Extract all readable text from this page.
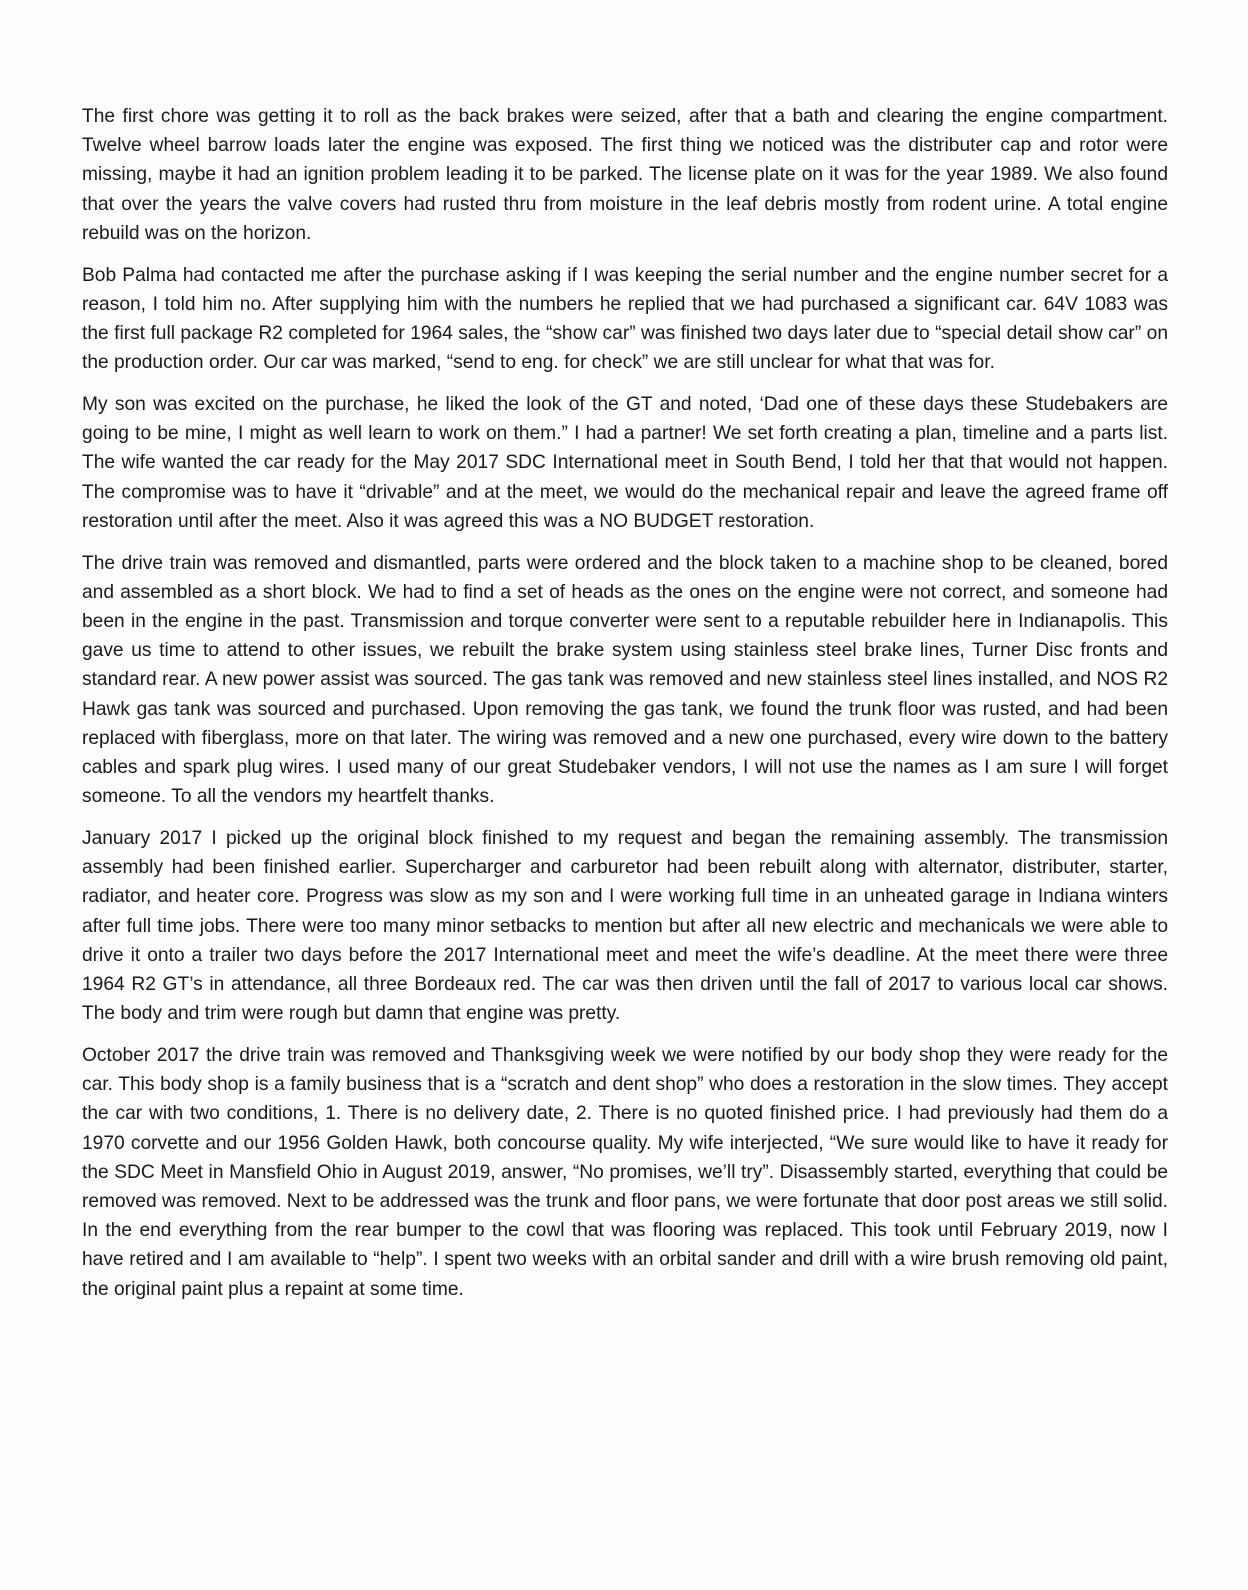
The first chore was getting it to roll as the back brakes were seized, after that a bath and clearing the engine compartment. Twelve wheel barrow loads later the engine was exposed. The first thing we noticed was the distributer cap and rotor were missing, maybe it had an ignition problem leading it to be parked. The license plate on it was for the year 1989. We also found that over the years the valve covers had rusted thru from moisture in the leaf debris mostly from rodent urine. A total engine rebuild was on the horizon.

Bob Palma had contacted me after the purchase asking if I was keeping the serial number and the engine number secret for a reason, I told him no. After supplying him with the numbers he replied that we had purchased a significant car. 64V 1083 was the first full package R2 completed for 1964 sales, the “show car” was finished two days later due to “special detail show car” on the production order. Our car was marked, “send to eng. for check” we are still unclear for what that was for.

My son was excited on the purchase, he liked the look of the GT and noted, ‘Dad one of these days these Studebakers are going to be mine, I might as well learn to work on them.” I had a partner! We set forth creating a plan, timeline and a parts list. The wife wanted the car ready for the May 2017 SDC International meet in South Bend, I told her that that would not happen. The compromise was to have it “drivable” and at the meet, we would do the mechanical repair and leave the agreed frame off restoration until after the meet. Also it was agreed this was a NO BUDGET restoration.

The drive train was removed and dismantled, parts were ordered and the block taken to a machine shop to be cleaned, bored and assembled as a short block. We had to find a set of heads as the ones on the engine were not correct, and someone had been in the engine in the past. Transmission and torque converter were sent to a reputable rebuilder here in Indianapolis. This gave us time to attend to other issues, we rebuilt the brake system using stainless steel brake lines, Turner Disc fronts and standard rear. A new power assist was sourced. The gas tank was removed and new stainless steel lines installed, and NOS R2 Hawk gas tank was sourced and purchased. Upon removing the gas tank, we found the trunk floor was rusted, and had been replaced with fiberglass, more on that later. The wiring was removed and a new one purchased, every wire down to the battery cables and spark plug wires. I used many of our great Studebaker vendors, I will not use the names as I am sure I will forget someone. To all the vendors my heartfelt thanks.

January 2017 I picked up the original block finished to my request and began the remaining assembly. The transmission assembly had been finished earlier. Supercharger and carburetor had been rebuilt along with alternator, distributer, starter, radiator, and heater core. Progress was slow as my son and I were working full time in an unheated garage in Indiana winters after full time jobs. There were too many minor setbacks to mention but after all new electric and mechanicals we were able to drive it onto a trailer two days before the 2017 International meet and meet the wife’s deadline. At the meet there were three 1964 R2 GT’s in attendance, all three Bordeaux red. The car was then driven until the fall of 2017 to various local car shows. The body and trim were rough but damn that engine was pretty.

October 2017 the drive train was removed and Thanksgiving week we were notified by our body shop they were ready for the car. This body shop is a family business that is a “scratch and dent shop” who does a restoration in the slow times. They accept the car with two conditions, 1. There is no delivery date, 2. There is no quoted finished price. I had previously had them do a 1970 corvette and our 1956 Golden Hawk, both concourse quality. My wife interjected, “We sure would like to have it ready for the SDC Meet in Mansfield Ohio in August 2019, answer, “No promises, we’ll try”. Disassembly started, everything that could be removed was removed. Next to be addressed was the trunk and floor pans, we were fortunate that door post areas we still solid. In the end everything from the rear bumper to the cowl that was flooring was replaced. This took until February 2019, now I have retired and I am available to “help”. I spent two weeks with an orbital sander and drill with a wire brush removing old paint, the original paint plus a repaint at some time.
